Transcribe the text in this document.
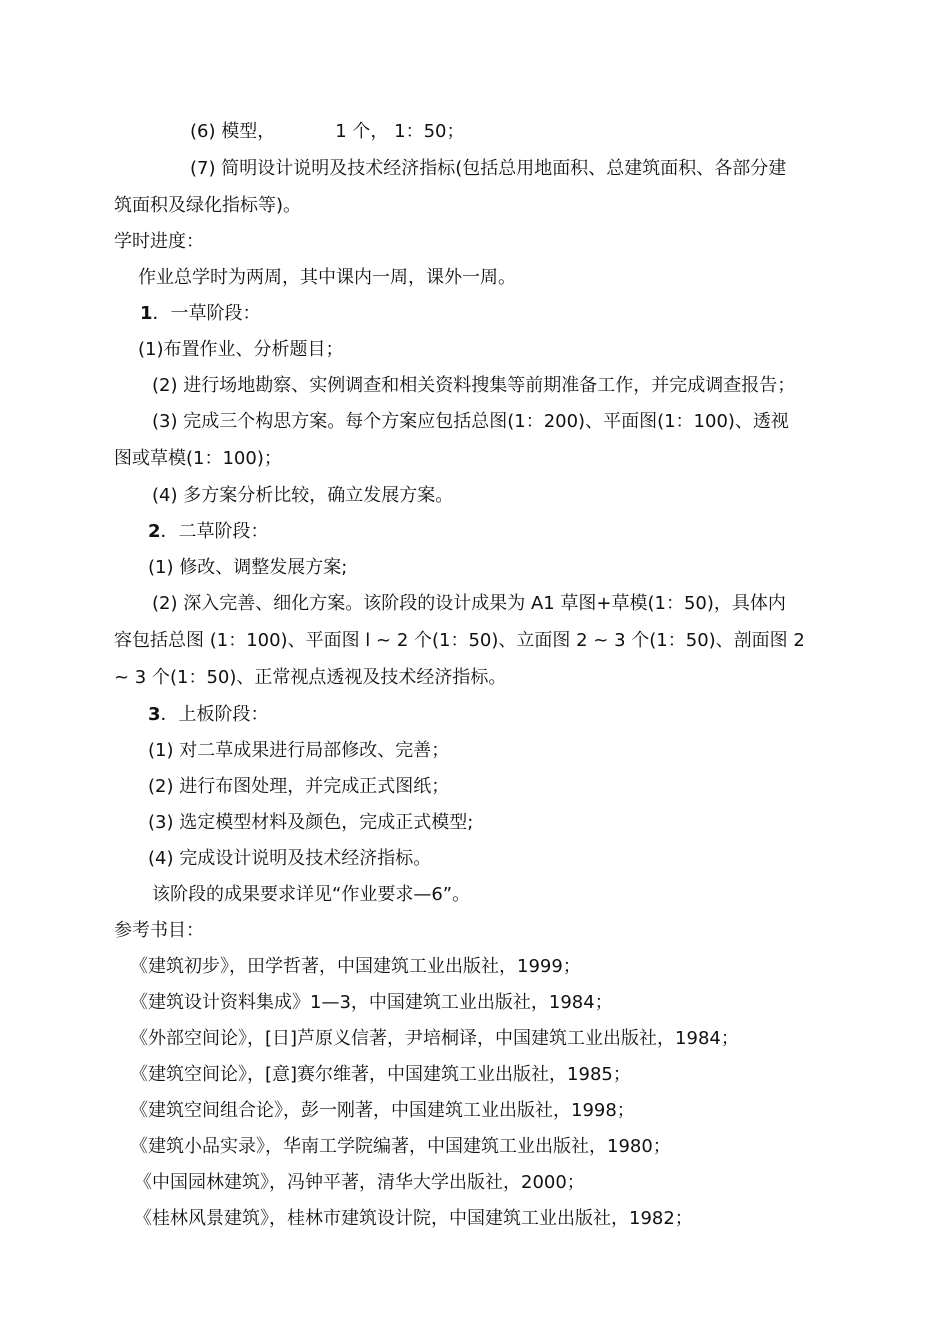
(6) 模型，	1 个， 1：50；
(7) 简明设计说明及技术经济指标(包括总用地面积、总建筑面积、各部分建
筑面积及绿化指标等)。
学时进度：
作业总学时为两周，其中课内一周，课外一周。
1．一草阶段：
(1)布置作业、分析题目；
(2) 进行场地勘察、实例调查和相关资料搜集等前期准备工作，并完成调查报告；
(3) 完成三个构思方案。每个方案应包括总图(1：200)、平面图(1：100)、透视
图或草模(1：100)；
(4) 多方案分析比较，确立发展方案。
2．二草阶段：
(1) 修改、调整发展方案;
(2) 深入完善、细化方案。该阶段的设计成果为 A1 草图+草模(1：50)，具体内
容包括总图 (1：100)、平面图 l ~ 2 个(1：50)、立面图 2 ~ 3 个(1：50)、剖面图 2
~ 3 个(1：50)、正常视点透视及技术经济指标。
3．上板阶段：
(1) 对二草成果进行局部修改、完善；
(2) 进行布图处理，并完成正式图纸；
(3) 选定模型材料及颜色，完成正式模型;
(4) 完成设计说明及技术经济指标。
该阶段的成果要求详见“作业要求—6”。
参考书目：
《建筑初步》，田学哲著，中国建筑工业出版社，1999；
《建筑设计资料集成》1—3，中国建筑工业出版社，1984；
《外部空间论》，[日]芦原义信著，尹培桐译，中国建筑工业出版社，1984；
《建筑空间论》，[意]赛尔维著，中国建筑工业出版社，1985；
《建筑空间组合论》，彭一刚著，中国建筑工业出版社，1998；
《建筑小品实录》，华南工学院编著，中国建筑工业出版社，1980；
《中国园林建筑》，冯钟平著，清华大学出版社，2000；
《桂林风景建筑》，桂林市建筑设计院，中国建筑工业出版社，1982；
